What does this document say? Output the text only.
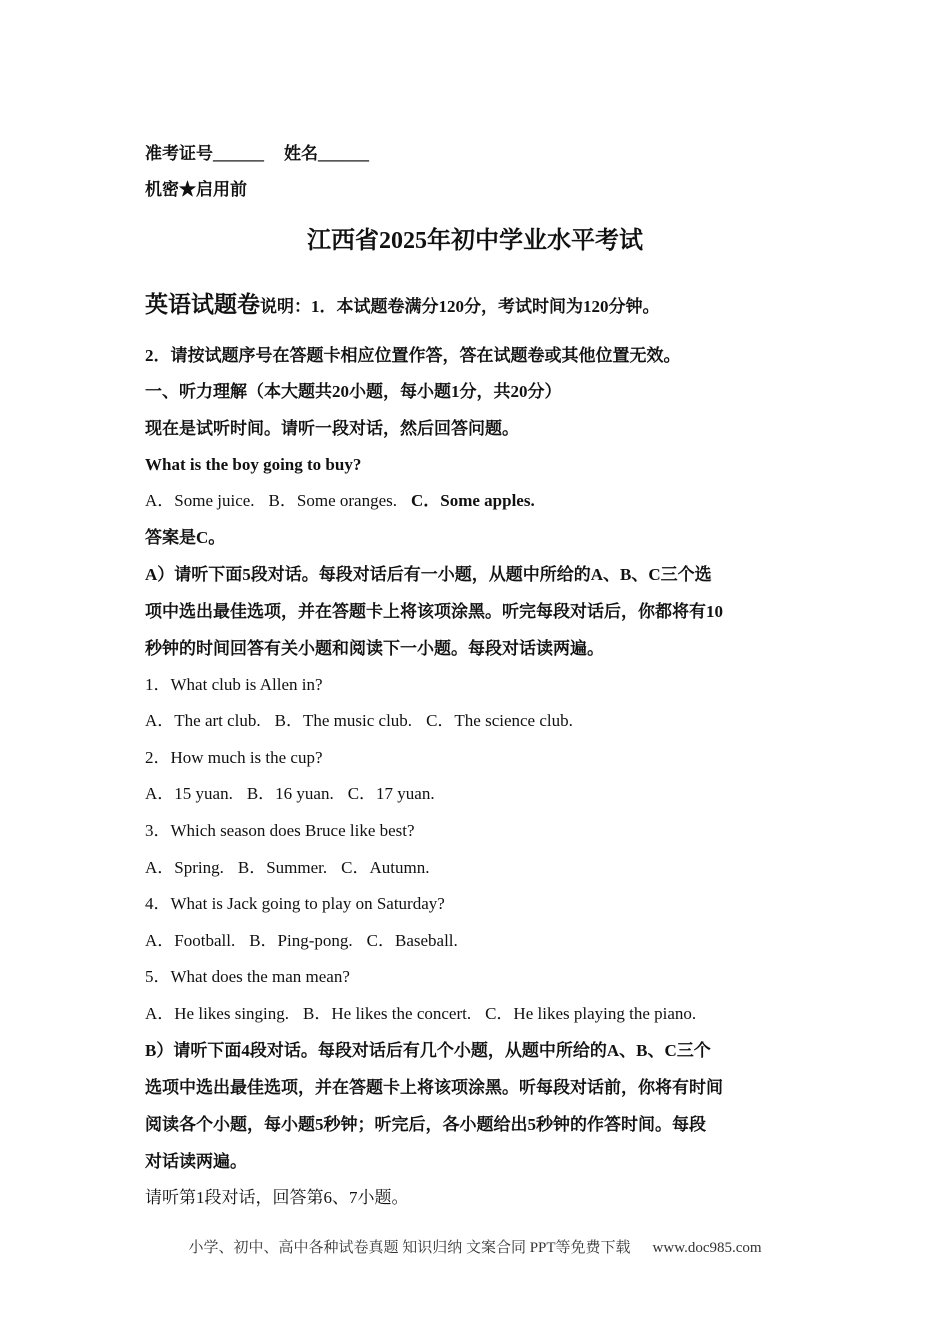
准考证号______ 姓名______
机密★启用前
江西省2025年初中学业水平考试
英语试题卷说明：1．本试题卷满分120分，考试时间为120分钟。
2．请按试题序号在答题卡相应位置作答，答在试题卷或其他位置无效。
一、听力理解（本大题共20小题，每小题1分，共20分）
现在是试听时间。请听一段对话，然后回答问题。
What is the boy going to buy?
A．Some juice. B．Some oranges. C．Some apples.
答案是C。
A）请听下面5段对话。每段对话后有一小题，从题中所给的A、B、C三个选
项中选出最佳选项，并在答题卡上将该项涂黑。听完每段对话后，你都将有10
秒钟的时间回答有关小题和阅读下一小题。每段对话读两遍。
1．What club is Allen in?
A．The art club. B．The music club. C．The science club.
2．How much is the cup?
A．15 yuan. B．16 yuan. C．17 yuan.
3．Which season does Bruce like best?
A．Spring. B．Summer. C．Autumn.
4．What is Jack going to play on Saturday?
A．Football. B．Ping-pong. C．Baseball.
5．What does the man mean?
A．He likes singing. B．He likes the concert. C．He likes playing the piano.
B）请听下面4段对话。每段对话后有几个小题，从题中所给的A、B、C三个
选项中选出最佳选项，并在答题卡上将该项涂黑。听每段对话前，你将有时间
阅读各个小题，每小题5秒钟；听完后，各小题给出5秒钟的作答时间。每段
对话读两遍。
请听第1段对话，回答第6、7小题。
小学、初中、高中各种试卷真题 知识归纳 文案合同 PPT等免费下载 www.doc985.com
